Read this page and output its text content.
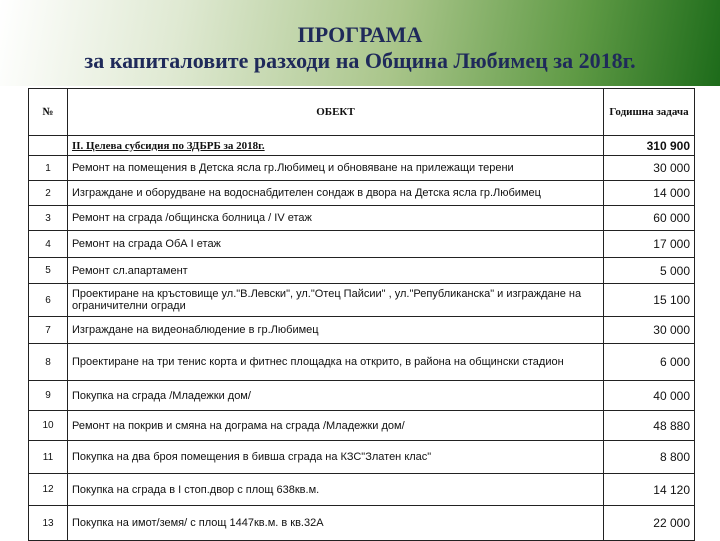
ПРОГРАМА
за капиталовите разходи на Община Любимец за 2018г.
№	ОБЕКТ	Годишна задача
	II. Целева субсидия по ЗДБРБ за 2018г.	310 900
1	Ремонт на помещения в Детска ясла гр.Любимец и обновяване на прилежащи терени	30 000
2	Изграждане и оборудване на водоснабдителен сондаж в двора на Детска ясла гр.Любимец	14 000
3	Ремонт на сграда /общинска болница / IV етаж	60 000
4	Ремонт на сграда ОбА I етаж	17 000
5	Ремонт сл.апартамент	5 000
6	Проектиране на кръстовище ул."В.Левски", ул."Отец Пайсии" , ул."Републиканска" и изграждане на ограничителни огради	15 100
7	Изграждане на видеонаблюдение в гр.Любимец	30 000
8	Проектиране на три тенис корта и фитнес площадка на открито, в района на общински стадион	6 000
9	Покупка на сграда /Младежки дом/	40 000
10	Ремонт на покрив и смяна на дограма на сграда /Младежки дом/	48 880
11	Покупка на два броя помещения в бивша сграда на КЗС"Златен клас"	8 800
12	Покупка на сграда в I стоп.двор с площ 638кв.м.	14 120
13	Покупка на имот/земя/ с площ 1447кв.м. в кв.32А	22 000
